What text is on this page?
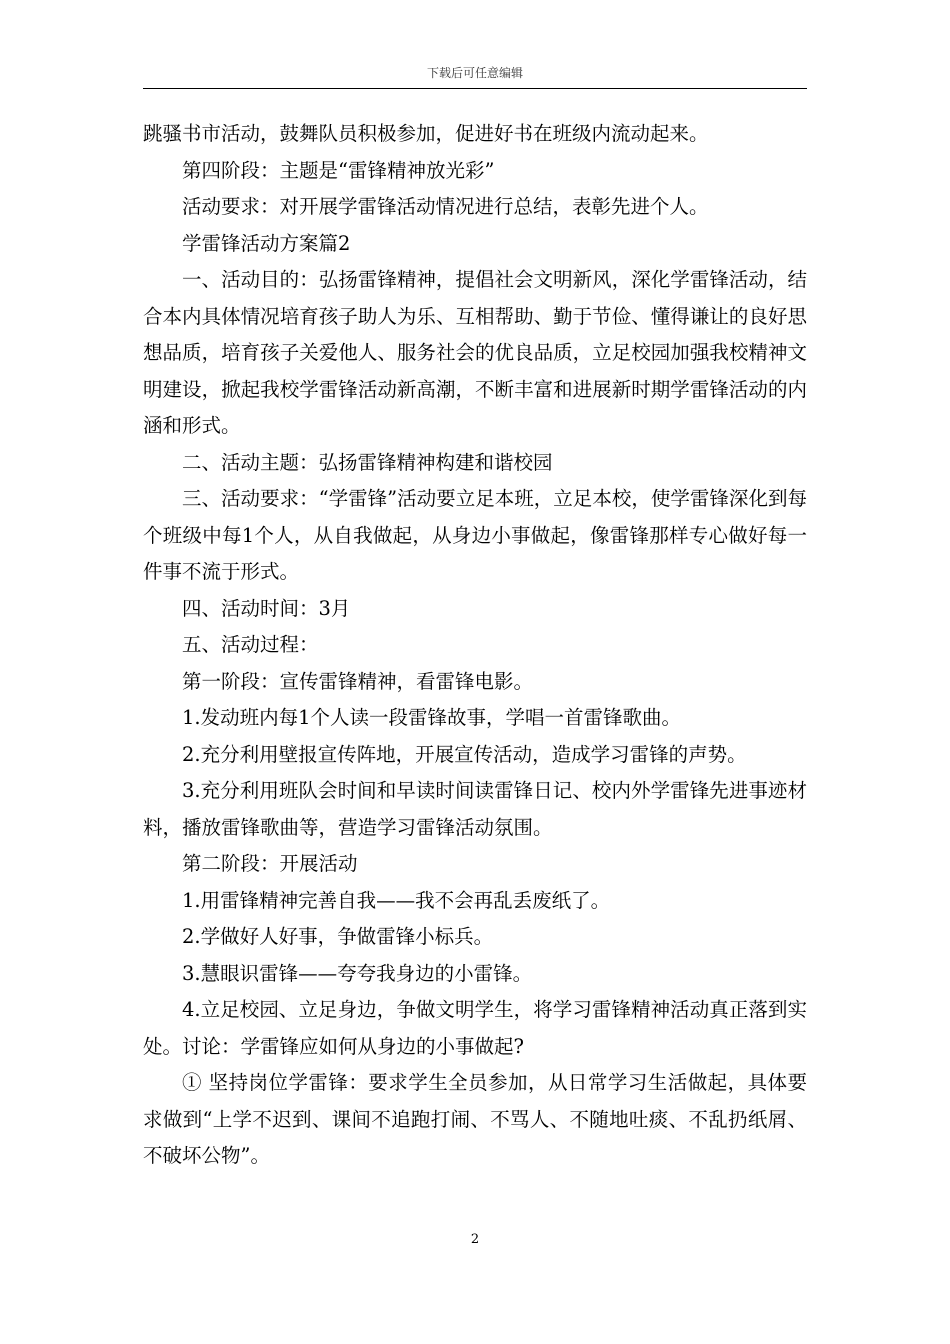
下载后可任意编辑

跳骚书市活动，鼓舞队员积极参加，促进好书在班级内流动起来。

第四阶段：主题是“雷锋精神放光彩”

活动要求：对开展学雷锋活动情况进行总结，表彰先进个人。

学雷锋活动方案篇2

一、活动目的：弘扬雷锋精神，提倡社会文明新风，深化学雷锋活动，结合本内具体情况培育孩子助人为乐、互相帮助、勤于节俭、懂得谦让的良好思想品质，培育孩子关爱他人、服务社会的优良品质，立足校园加强我校精神文明建设，掀起我校学雷锋活动新高潮，不断丰富和进展新时期学雷锋活动的内涵和形式。

二、活动主题：弘扬雷锋精神构建和谐校园

三、活动要求：“学雷锋”活动要立足本班，立足本校，使学雷锋深化到每个班级中每1个人，从自我做起，从身边小事做起，像雷锋那样专心做好每一件事不流于形式。

四、活动时间：3月

五、活动过程：

第一阶段：宣传雷锋精神，看雷锋电影。

1.发动班内每1个人读一段雷锋故事，学唱一首雷锋歌曲。

2.充分利用壁报宣传阵地，开展宣传活动，造成学习雷锋的声势。

3.充分利用班队会时间和早读时间读雷锋日记、校内外学雷锋先进事迹材料，播放雷锋歌曲等，营造学习雷锋活动氛围。

第二阶段：开展活动

1.用雷锋精神完善自我——我不会再乱丢废纸了。

2.学做好人好事，争做雷锋小标兵。

3.慧眼识雷锋——夸夸我身边的小雷锋。

4.立足校园、立足身边，争做文明学生，将学习雷锋精神活动真正落到实处。讨论：学雷锋应如何从身边的小事做起?

① 坚持岗位学雷锋：要求学生全员参加，从日常学习生活做起，具体要求做到“上学不迟到、课间不追跑打闹、不骂人、不随地吐痰、不乱扔纸屑、不破坏公物”。

2
